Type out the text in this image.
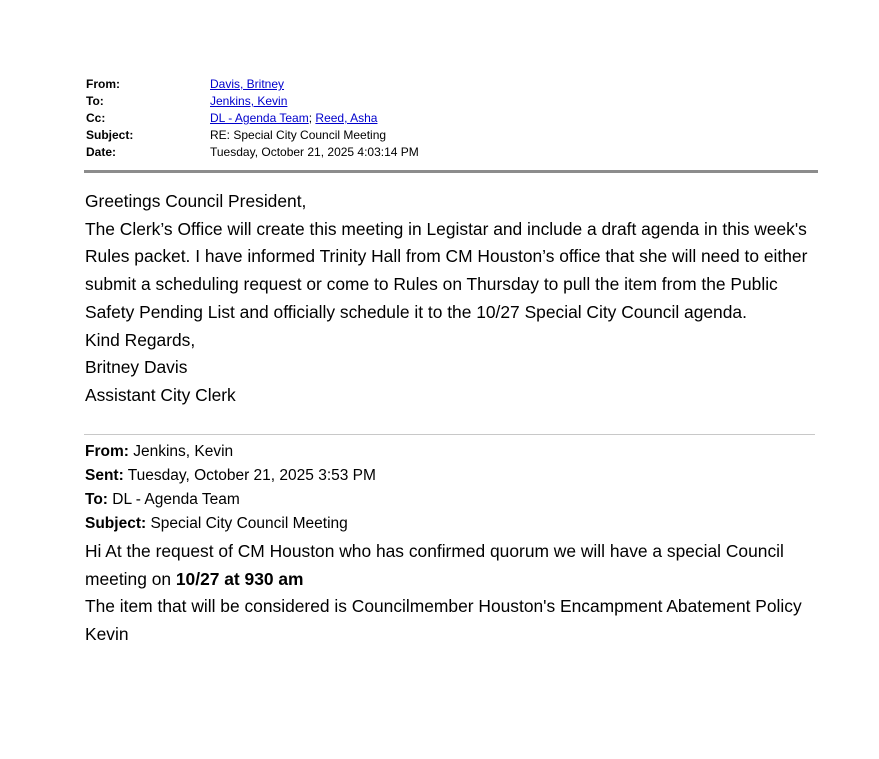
From:	Davis, Britney
To:	Jenkins, Kevin
Cc:	DL - Agenda Team; Reed, Asha
Subject:	RE: Special City Council Meeting
Date:	Tuesday, October 21, 2025 4:03:14 PM

Greetings Council President,

The Clerk’s Office will create this meeting in Legistar and include a draft agenda in this week's Rules packet. I have informed Trinity Hall from CM Houston’s office that she will need to either submit a scheduling request or come to Rules on Thursday to pull the item from the Public Safety Pending List and officially schedule it to the 10/27 Special City Council agenda.

Kind Regards,

Britney Davis

Assistant City Clerk

From: Jenkins, Kevin
Sent: Tuesday, October 21, 2025 3:53 PM
To: DL - Agenda Team
Subject: Special City Council Meeting

Hi At the request of CM Houston who has confirmed quorum we will have a special Council meeting on 10/27 at 930 am

The item that will be considered is Councilmember Houston's Encampment Abatement Policy

Kevin
